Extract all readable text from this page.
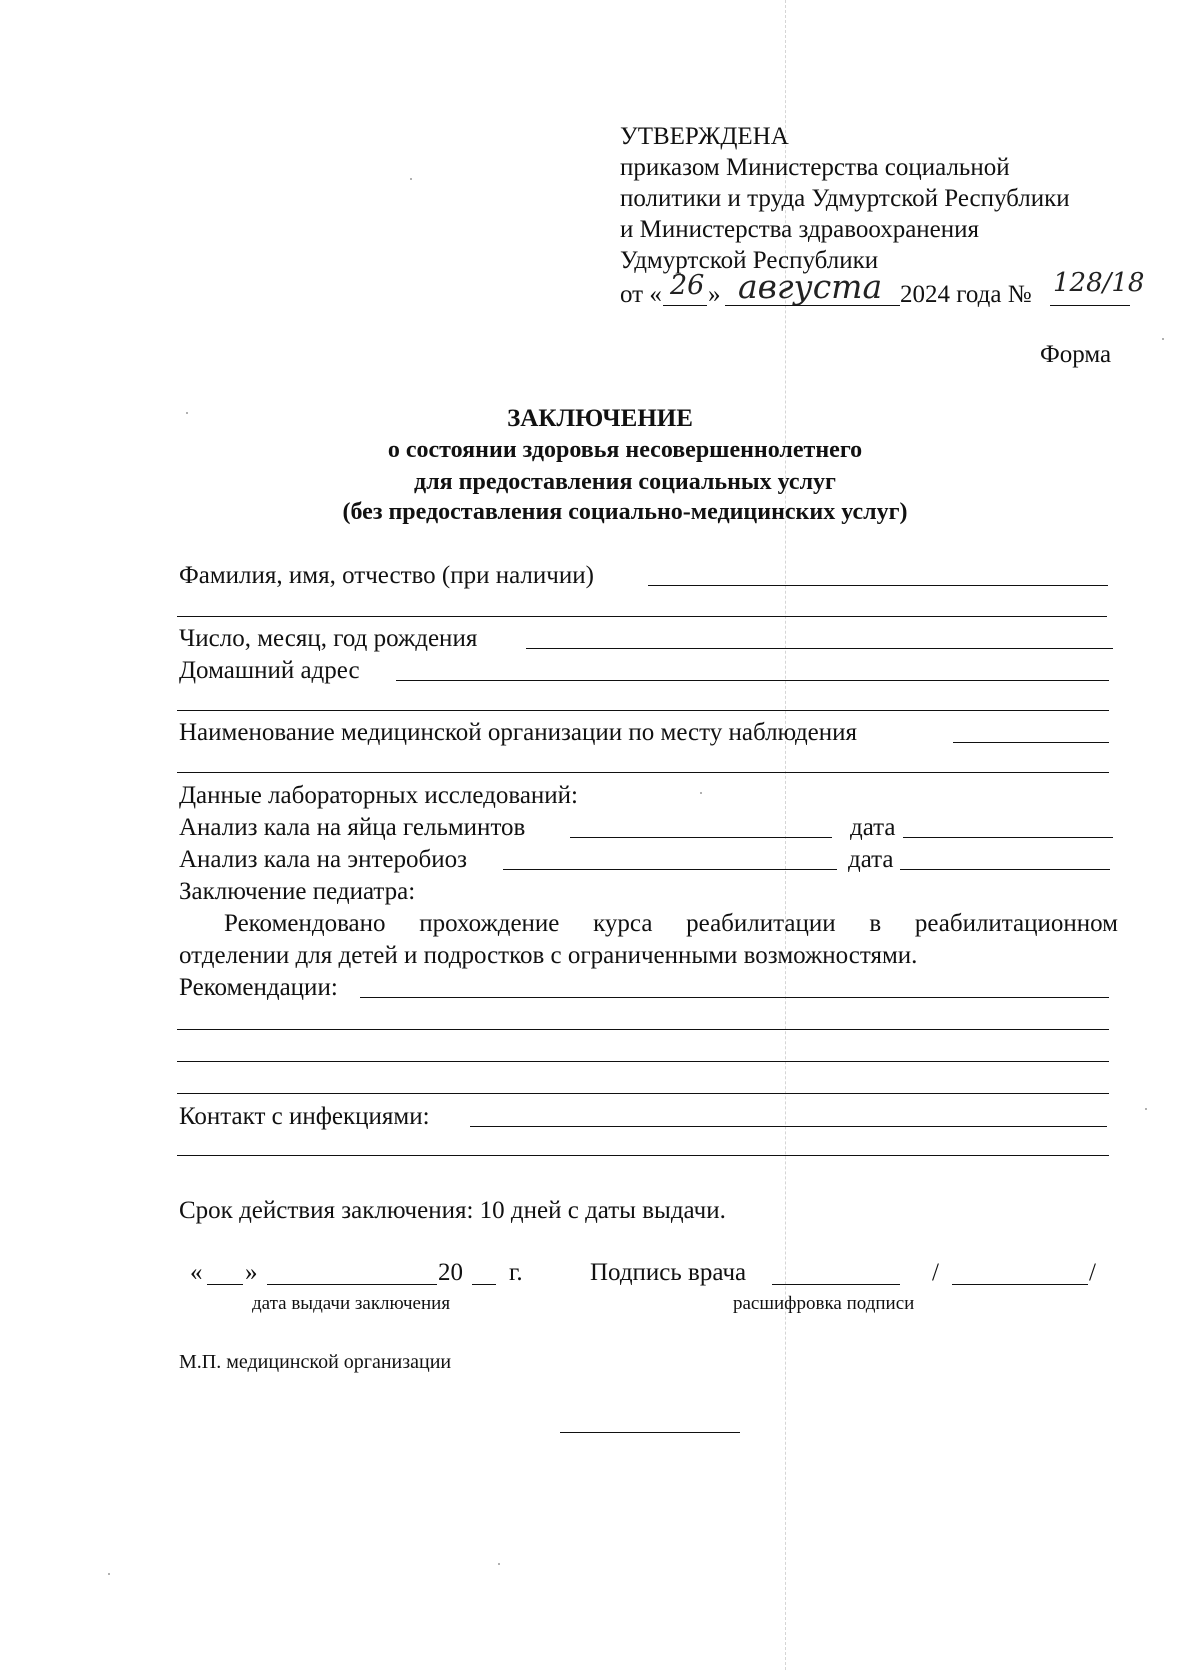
УТВЕРЖДЕНА
приказом Министерства социальной
политики и труда Удмуртской Республики
и Министерства здравоохранения
Удмуртской Республики
от « 26 » августа 2024 года № 128/18
Форма
ЗАКЛЮЧЕНИЕ
о состоянии здоровья несовершеннолетнего
для предоставления социальных услуг
(без предоставления социально-медицинских услуг)
Фамилия, имя, отчество (при наличии)
Число, месяц, год рождения
Домашний адрес
Наименование медицинской организации по месту наблюдения
Данные лабораторных исследований:
Анализ кала на яйца гельминтов	дата
Анализ кала на энтеробиоз	дата
Заключение педиатра:
Рекомендовано прохождение курса реабилитации в реабилитационном
отделении для детей и подростков с ограниченными возможностями.
Рекомендации:
Контакт с инфекциями:
Срок действия заключения: 10 дней с даты выдачи.
« »	20 г.
дата выдачи заключения
Подпись врача	/	/
расшифровка подписи
М.П. медицинской организации
